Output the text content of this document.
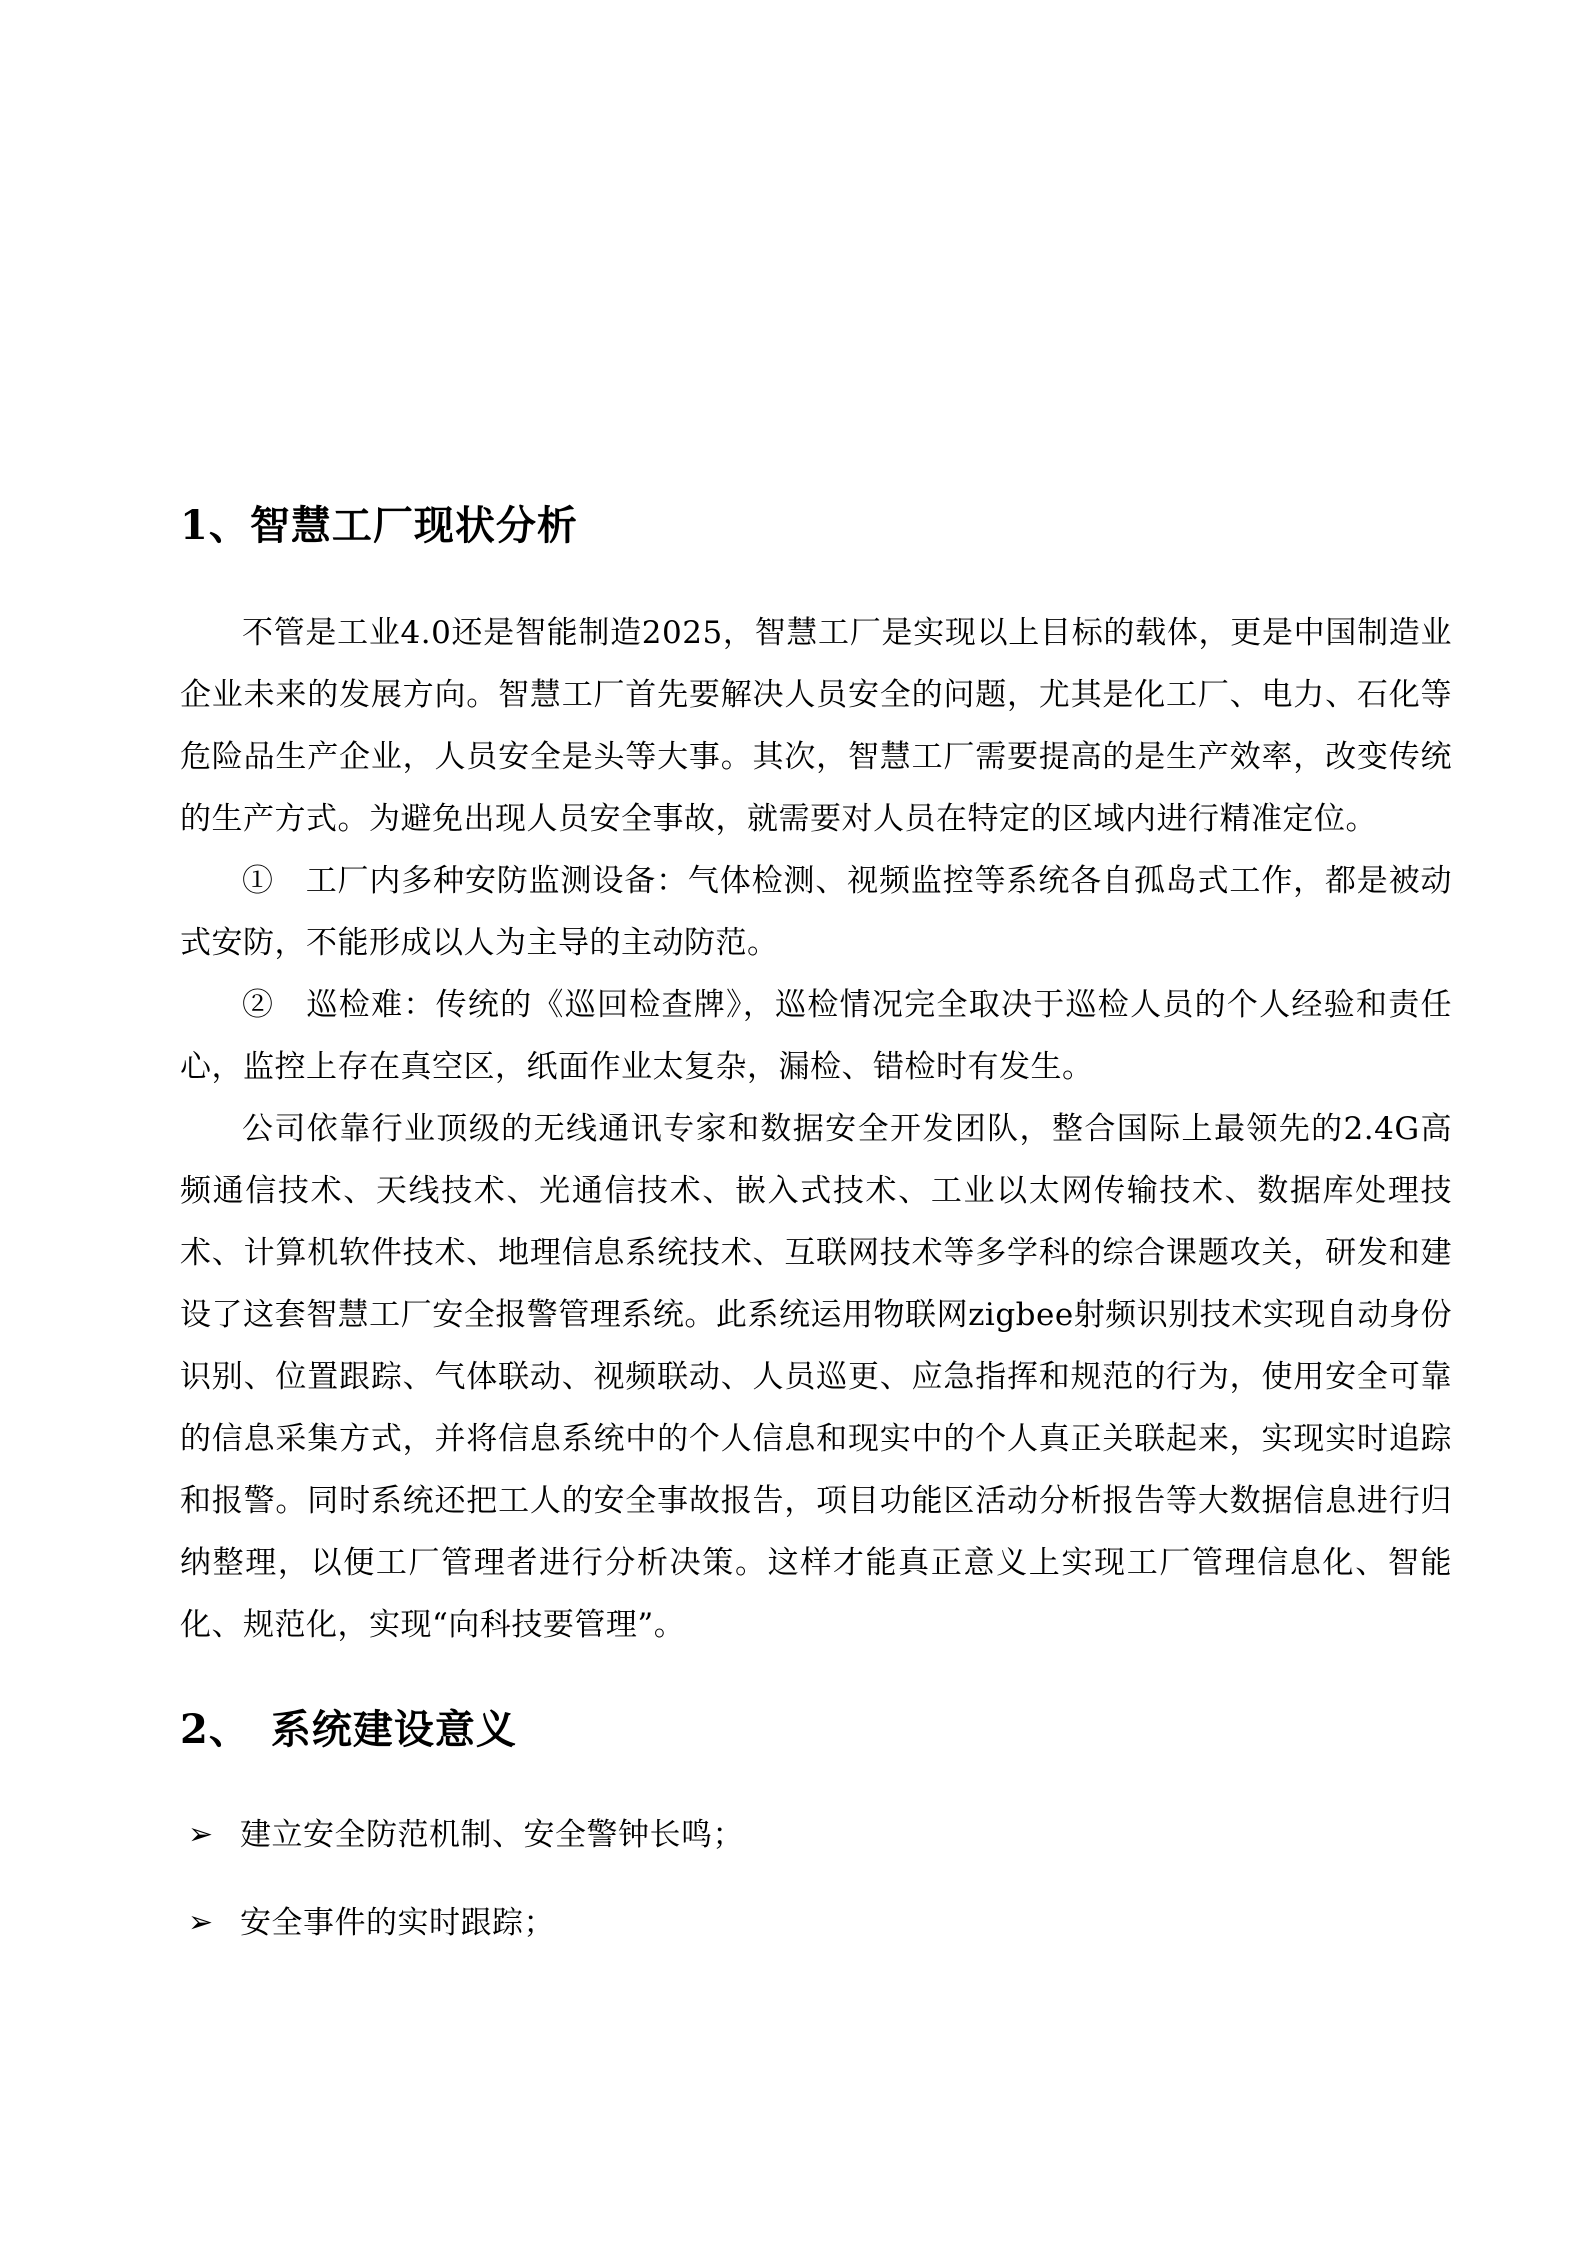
1、智慧工厂现状分析

不管是工业4.0还是智能制造2025，智慧工厂是实现以上目标的载体，更是中国制造业企业未来的发展方向。智慧工厂首先要解决人员安全的问题，尤其是化工厂、电力、石化等危险品生产企业，人员安全是头等大事。其次，智慧工厂需要提高的是生产效率，改变传统的生产方式。为避免出现人员安全事故，就需要对人员在特定的区域内进行精准定位。

①　工厂内多种安防监测设备：气体检测、视频监控等系统各自孤岛式工作，都是被动式安防，不能形成以人为主导的主动防范。

②　巡检难：传统的《巡回检查牌》，巡检情况完全取决于巡检人员的个人经验和责任心，监控上存在真空区，纸面作业太复杂，漏检、错检时有发生。

公司依靠行业顶级的无线通讯专家和数据安全开发团队，整合国际上最领先的2.4G高频通信技术、天线技术、光通信技术、嵌入式技术、工业以太网传输技术、数据库处理技术、计算机软件技术、地理信息系统技术、互联网技术等多学科的综合课题攻关，研发和建设了这套智慧工厂安全报警管理系统。此系统运用物联网zigbee射频识别技术实现自动身份识别、位置跟踪、气体联动、视频联动、人员巡更、应急指挥和规范的行为，使用安全可靠的信息采集方式，并将信息系统中的个人信息和现实中的个人真正关联起来，实现实时追踪和报警。同时系统还把工人的安全事故报告，项目功能区活动分析报告等大数据信息进行归纳整理，以便工厂管理者进行分析决策。这样才能真正意义上实现工厂管理信息化、智能化、规范化，实现“向科技要管理”。

2、　系统建设意义
➢ 建立安全防范机制、安全警钟长鸣；
➢ 安全事件的实时跟踪；
